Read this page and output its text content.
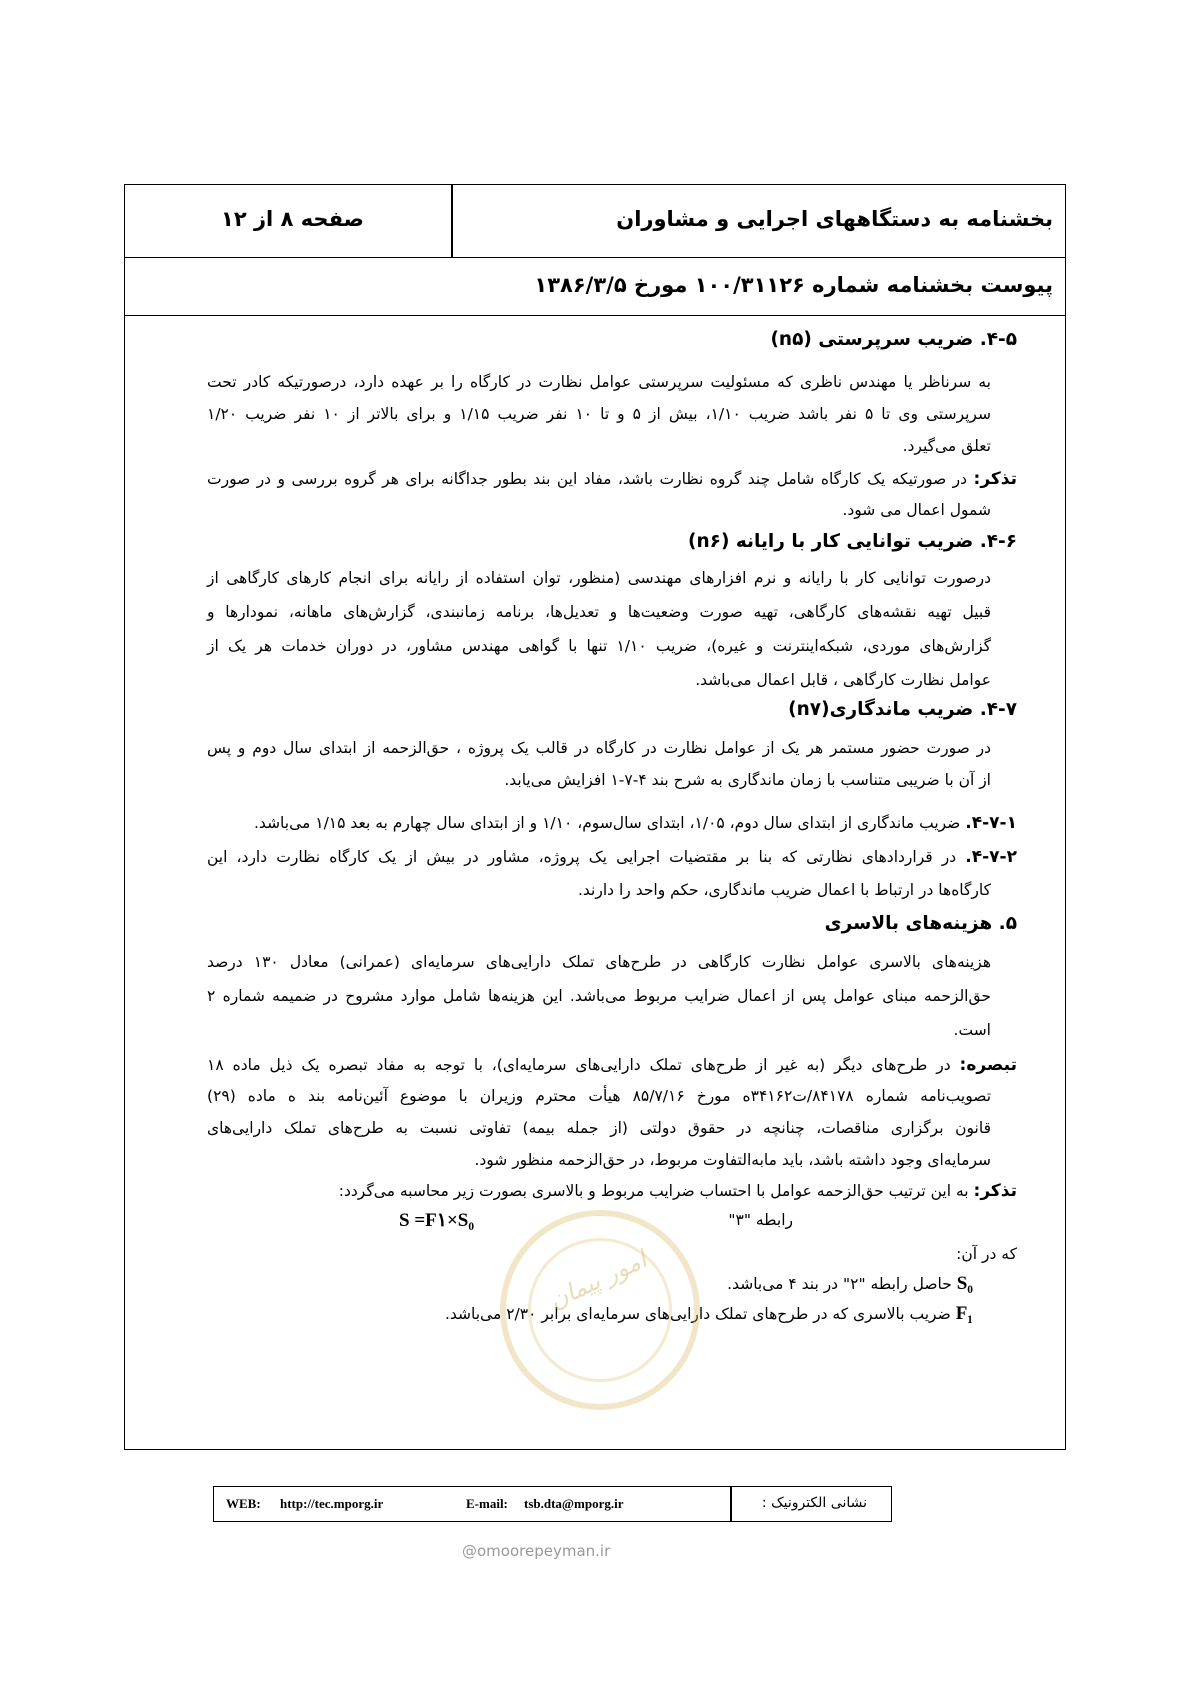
بخشنامه به دستگاههای اجرایی و مشاوران
صفحه ۸ از ۱۲
پیوست بخشنامه شماره ۱۰۰/۳۱۱۲۶ مورخ ۱۳۸۶/۳/۵
۴-۵. ضریب سرپرستی (n۵)
به سرناظر یا مهندس ناظری که مسئولیت سرپرستی عوامل نظارت در کارگاه را بر عهده دارد، درصورتیکه کادر تحت
سرپرستی وی تا ۵ نفر باشد ضریب ۱/۱۰، بیش از ۵ و تا ۱۰ نفر ضریب ۱/۱۵ و برای بالاتر از ۱۰ نفر ضریب ۱/۲۰
تعلق می‌گیرد.
تذکر: در صورتیکه یک کارگاه شامل چند گروه نظارت باشد، مفاد این بند بطور جداگانه برای هر گروه بررسی و در صورت
شمول اعمال می شود.
۴-۶. ضریب توانایی کار با رایانه (n۶)
درصورت توانایی کار با رایانه و نرم افزارهای مهندسی (منظور، توان استفاده از رایانه برای انجام کارهای کارگاهی از
قبیل تهیه نقشه‌های کارگاهی، تهیه صورت وضعیت‌ها و تعدیل‌ها، برنامه زمانبندی، گزارش‌های ماهانه، نمودارها و
گزارش‌های موردی، شبکه‌اینترنت و غیره)، ضریب ۱/۱۰ تنها با گواهی مهندس مشاور، در دوران خدمات هر یک از
عوامل نظارت کارگاهی ، قابل اعمال می‌باشد.
۴-۷. ضریب ماندگاری(n۷)
در صورت حضور مستمر هر یک از عوامل نظارت در کارگاه در قالب یک پروژه ، حق‌الزحمه از ابتدای سال دوم و پس
از آن با ضریبی متناسب با زمان ماندگاری به شرح بند ۴-۷-۱ افزایش می‌یابد.
۴-۷-۱. ضریب ماندگاری از ابتدای سال دوم، ۱/۰۵، ابتدای سال‌سوم، ۱/۱۰ و از ابتدای سال چهارم به بعد ۱/۱۵ می‌باشد.
۴-۷-۲. در قراردادهای نظارتی که بنا بر مقتضیات اجرایی یک پروژه، مشاور در بیش از یک کارگاه نظارت دارد، این
کارگاه‌ها در ارتباط با اعمال ضریب ماندگاری، حکم واحد را دارند.
۵. هزینه‌های بالاسری
هزینه‌های بالاسری عوامل نظارت کارگاهی در طرح‌های تملک دارایی‌های سرمایه‌ای (عمرانی) معادل ۱۳۰ درصد
حق‌الزحمه مبنای عوامل پس از اعمال ضرایب مربوط می‌باشد. این هزینه‌ها شامل موارد مشروح در ضمیمه شماره ۲
است.
تبصره: در طرح‌های دیگر (به غیر از طرح‌های تملک دارایی‌های سرمایه‌ای)، با توجه به مفاد تبصره یک ذیل ماده ۱۸
تصویب‌نامه شماره ۸۴۱۷۸/ت۳۴۱۶۲ه مورخ ۸۵/۷/۱۶ هیأت محترم وزیران با موضوع آئین‌نامه بند ه ماده (۲۹)
قانون برگزاری مناقصات، چنانچه در حقوق دولتی (از جمله بیمه) تفاوتی نسبت به طرح‌های تملک دارایی‌های
سرمایه‌ای وجود داشته باشد، باید مابه‌التفاوت مربوط، در حق‌الزحمه منظور شود.
تذکر: به این ترتیب حق‌الزحمه عوامل با احتساب ضرایب مربوط و بالاسری بصورت زیر محاسبه می‌گردد:
S =F۱×S₀	رابطه "۳"
که در آن:
S₀ حاصل رابطه "۲" در بند ۴ می‌باشد.
F₁ ضریب بالاسری که در طرح‌های تملک دارایی‌های سرمایه‌ای برابر ۲/۳۰ می‌باشد.
امور پیمان
نشانی الکترونیک :
WEB: http://tec.mporg.ir	E-mail: tsb.dta@mporg.ir
@omoorepeyman.ir
